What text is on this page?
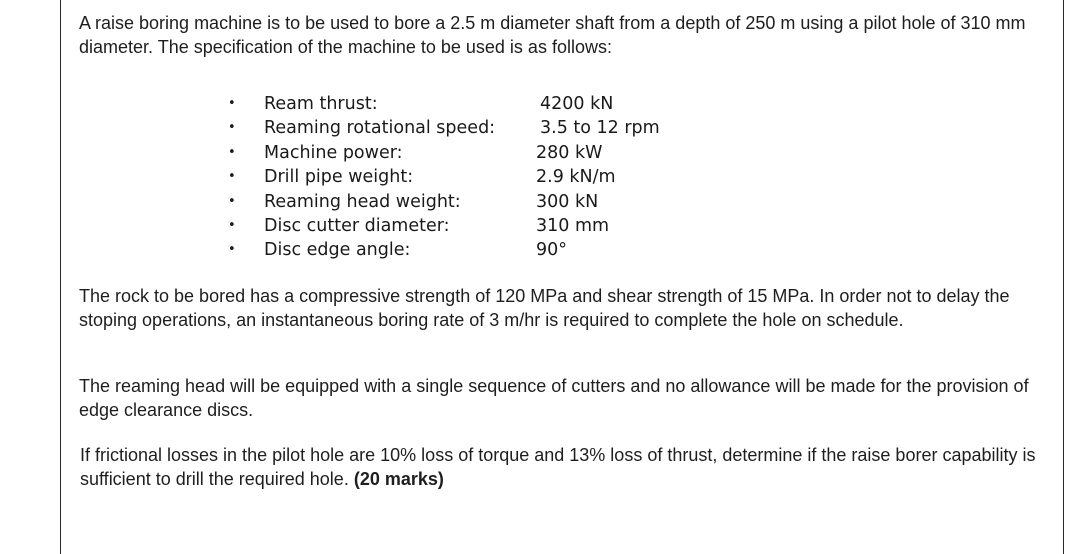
A raise boring machine is to be used to bore a 2.5 m diameter shaft from a depth of 250 m using a pilot hole of 310 mm diameter. The specification of the machine to be used is as follows:

•	Ream thrust:	4200 kN
•	Reaming rotational speed:	3.5 to 12 rpm
•	Machine power:	280 kW
•	Drill pipe weight:	2.9 kN/m
•	Reaming head weight:	300 kN
•	Disc cutter diameter:	310 mm
•	Disc edge angle:	90°

The rock to be bored has a compressive strength of 120 MPa and shear strength of 15 MPa. In order not to delay the stoping operations, an instantaneous boring rate of 3 m/hr is required to complete the hole on schedule.

The reaming head will be equipped with a single sequence of cutters and no allowance will be made for the provision of edge clearance discs.

If frictional losses in the pilot hole are 10% loss of torque and 13% loss of thrust, determine if the raise borer capability is sufficient to drill the required hole. (20 marks)
